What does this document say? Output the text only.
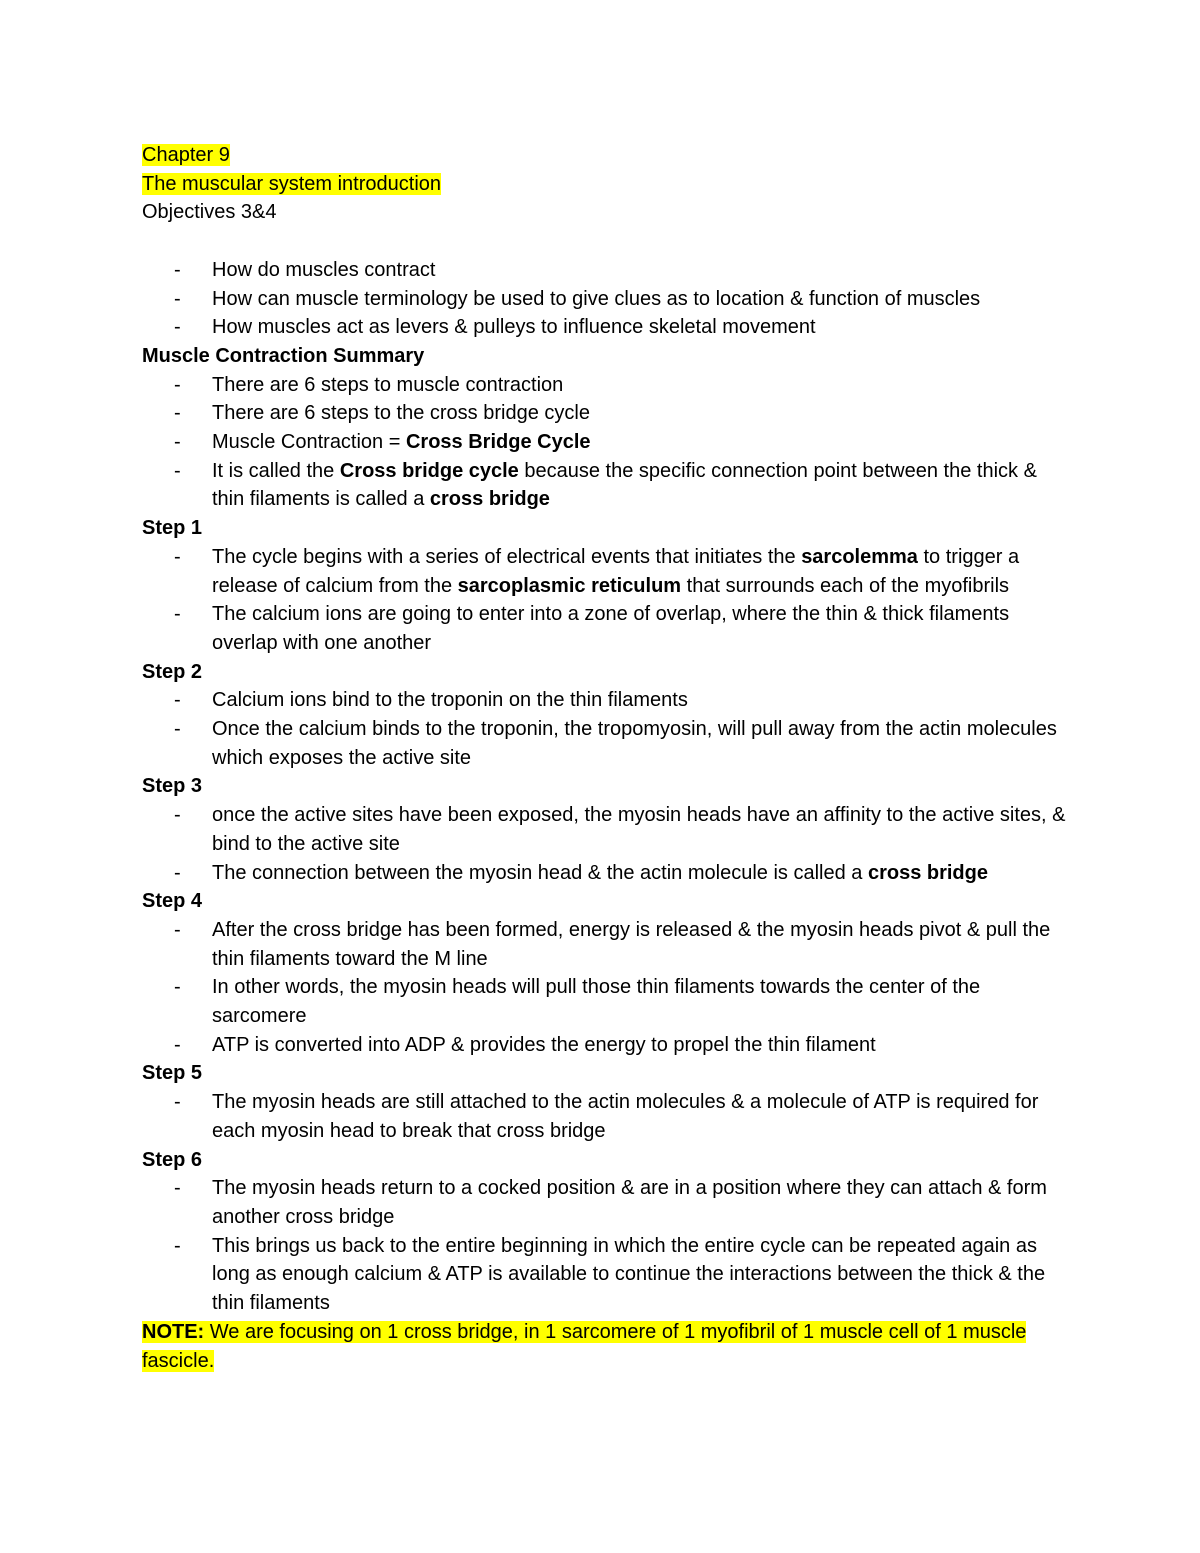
Chapter 9
The muscular system introduction
Objectives 3&4
- How do muscles contract
- How can muscle terminology be used to give clues as to location & function of muscles
- How muscles act as levers & pulleys to influence skeletal movement
Muscle Contraction Summary
- There are 6 steps to muscle contraction
- There are 6 steps to the cross bridge cycle
- Muscle Contraction = Cross Bridge Cycle
- It is called the Cross bridge cycle because the specific connection point between the thick & thin filaments is called a cross bridge
Step 1
- The cycle begins with a series of electrical events that initiates the sarcolemma to trigger a release of calcium from the sarcoplasmic reticulum that surrounds each of the myofibrils
- The calcium ions are going to enter into a zone of overlap, where the thin & thick filaments overlap with one another
Step 2
- Calcium ions bind to the troponin on the thin filaments
- Once the calcium binds to the troponin, the tropomyosin, will pull away from the actin molecules which exposes the active site
Step 3
- once the active sites have been exposed, the myosin heads have an affinity to the active sites, & bind to the active site
- The connection between the myosin head & the actin molecule is called a cross bridge
Step 4
- After the cross bridge has been formed, energy is released & the myosin heads pivot & pull the thin filaments toward the M line
- In other words, the myosin heads will pull those thin filaments towards the center of the sarcomere
- ATP is converted into ADP & provides the energy to propel the thin filament
Step 5
- The myosin heads are still attached to the actin molecules & a molecule of ATP is required for each myosin head to break that cross bridge
Step 6
- The myosin heads return to a cocked position & are in a position where they can attach & form another cross bridge
- This brings us back to the entire beginning in which the entire cycle can be repeated again as long as enough calcium & ATP is available to continue the interactions between the thick & the thin filaments

NOTE: We are focusing on 1 cross bridge, in 1 sarcomere of 1 myofibril of 1 muscle cell of 1 muscle fascicle.
